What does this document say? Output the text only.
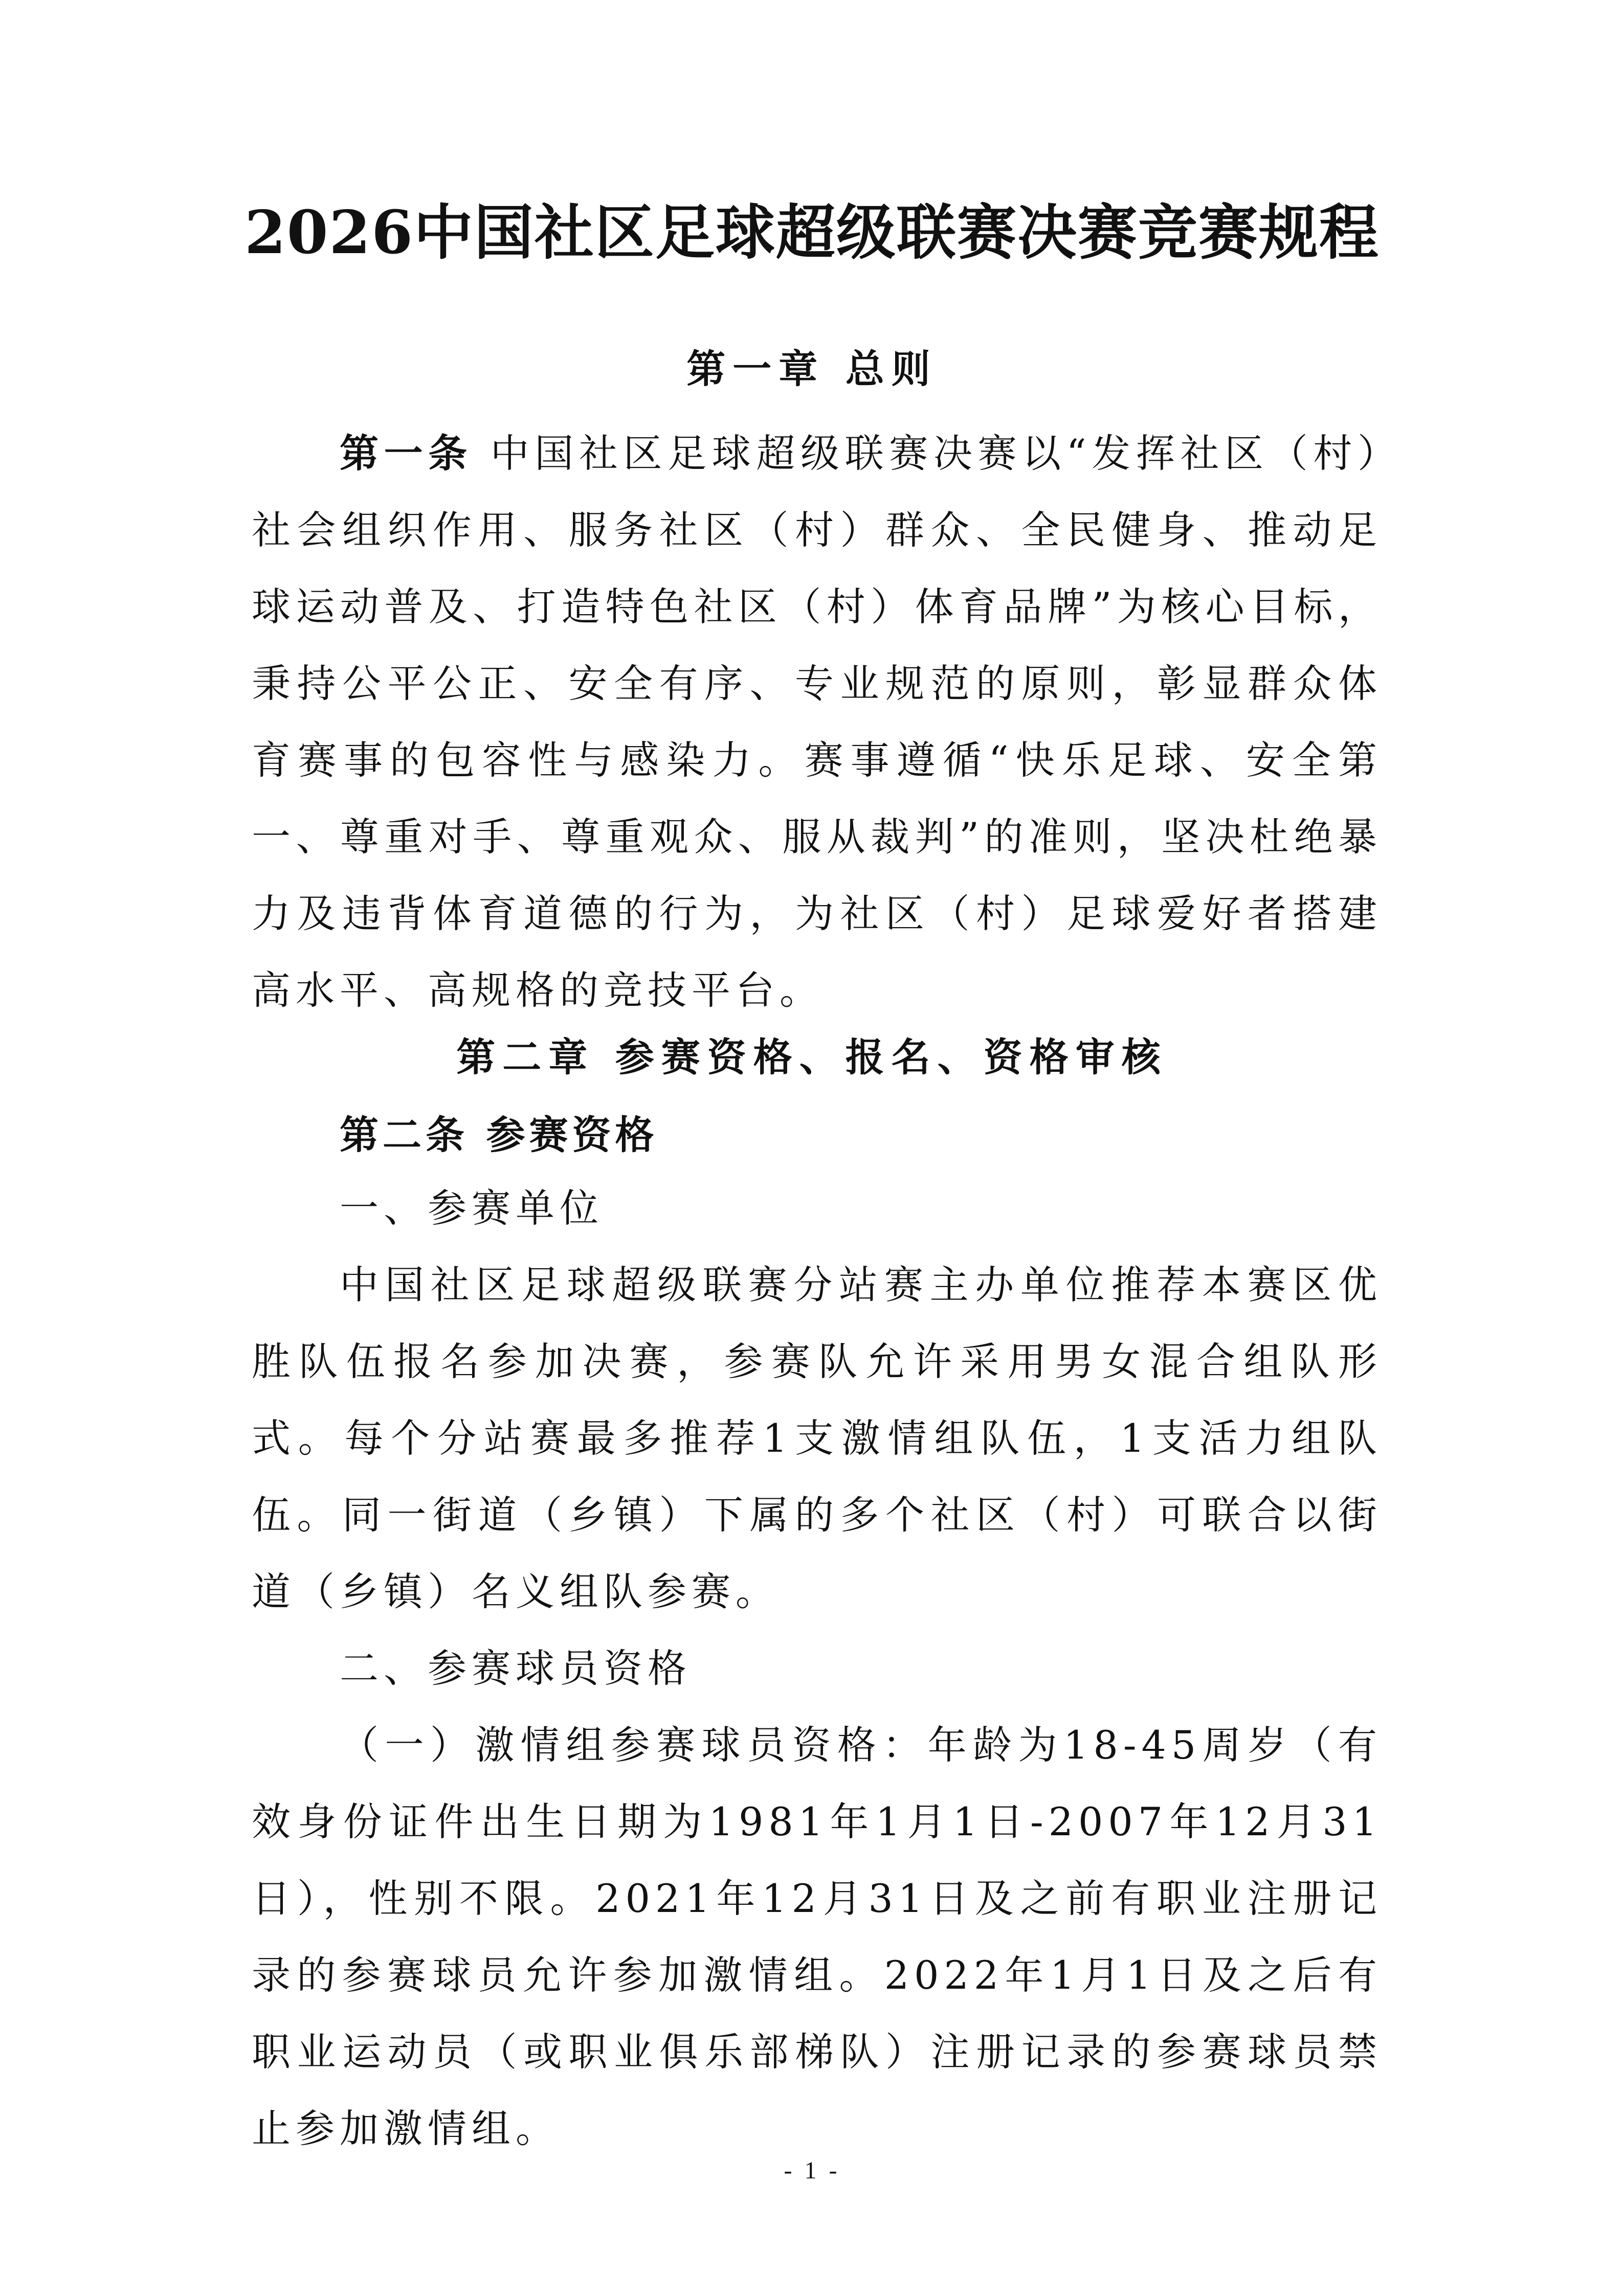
2026中国社区足球超级联赛决赛竞赛规程
第一章 总则

第一条 中国社区足球超级联赛决赛以“发挥社区（村）社会组织作用、服务社区（村）群众、全民健身、推动足球运动普及、打造特色社区（村）体育品牌”为核心目标，秉持公平公正、安全有序、专业规范的原则，彰显群众体育赛事的包容性与感染力。赛事遵循“快乐足球、安全第一、尊重对手、尊重观众、服从裁判”的准则，坚决杜绝暴力及违背体育道德的行为，为社区（村）足球爱好者搭建高水平、高规格的竞技平台。

第二章 参赛资格、报名、资格审核
第二条 参赛资格

一、参赛单位

中国社区足球超级联赛分站赛主办单位推荐本赛区优胜队伍报名参加决赛，参赛队允许采用男女混合组队形式。每个分站赛最多推荐1支激情组队伍，1支活力组队伍。同一街道（乡镇）下属的多个社区（村）可联合以街道（乡镇）名义组队参赛。

二、参赛球员资格

（一）激情组参赛球员资格：年龄为18-45周岁（有效身份证件出生日期为1981年1月1日-2007年12月31日），性别不限。2021年12月31日及之前有职业注册记录的参赛球员允许参加激情组。2022年1月1日及之后有职业运动员（或职业俱乐部梯队）注册记录的参赛球员禁止参加激情组。

- 1 -
